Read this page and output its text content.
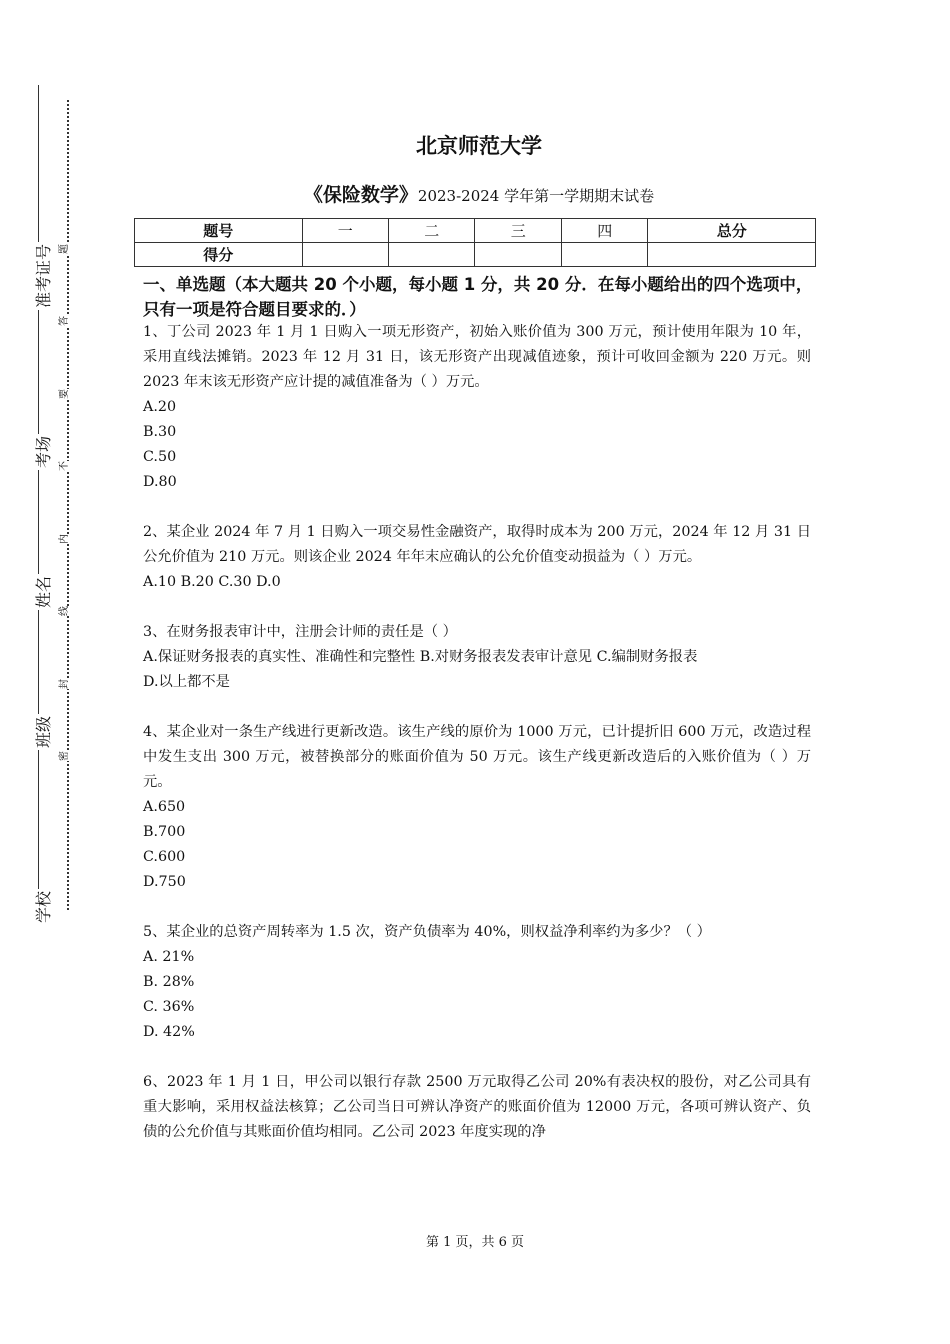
准考证号
考场
姓名
班级
学校
题
答
要
不
内
线
封
密
北京师范大学
《保险数学》2023-2024 学年第一学期期末试卷
题号	一	二	三	四	总分
得分					
一、单选题（本大题共 20 个小题，每小题 1 分，共 20 分．在每小题给出的四个选项中，只有一项是符合题目要求的．）
1、丁公司 2023 年 1 月 1 日购入一项无形资产，初始入账价值为 300 万元，预计使用年限为 10 年，采用直线法摊销。2023 年 12 月 31 日，该无形资产出现减值迹象，预计可收回金额为 220 万元。则 2023 年末该无形资产应计提的减值准备为（ ）万元。
A.20
B.30
C.50
D.80
2、某企业 2024 年 7 月 1 日购入一项交易性金融资产，取得时成本为 200 万元，2024 年 12 月 31 日公允价值为 210 万元。则该企业 2024 年年末应确认的公允价值变动损益为（ ）万元。
A.10 B.20 C.30 D.0
3、在财务报表审计中，注册会计师的责任是（ ）
A.保证财务报表的真实性、准确性和完整性 B.对财务报表发表审计意见 C.编制财务报表
D.以上都不是
4、某企业对一条生产线进行更新改造。该生产线的原价为 1000 万元，已计提折旧 600 万元，改造过程中发生支出 300 万元，被替换部分的账面价值为 50 万元。该生产线更新改造后的入账价值为（ ）万元。
A.650
B.700
C.600
D.750
5、某企业的总资产周转率为 1.5 次，资产负债率为 40%，则权益净利率约为多少？（ ）
A. 21%
B. 28%
C. 36%
D. 42%
6、2023 年 1 月 1 日，甲公司以银行存款 2500 万元取得乙公司 20%有表决权的股份，对乙公司具有重大影响，采用权益法核算；乙公司当日可辨认净资产的账面价值为 12000 万元，各项可辨认资产、负债的公允价值与其账面价值均相同。乙公司 2023 年度实现的净
第 1 页，共 6 页
